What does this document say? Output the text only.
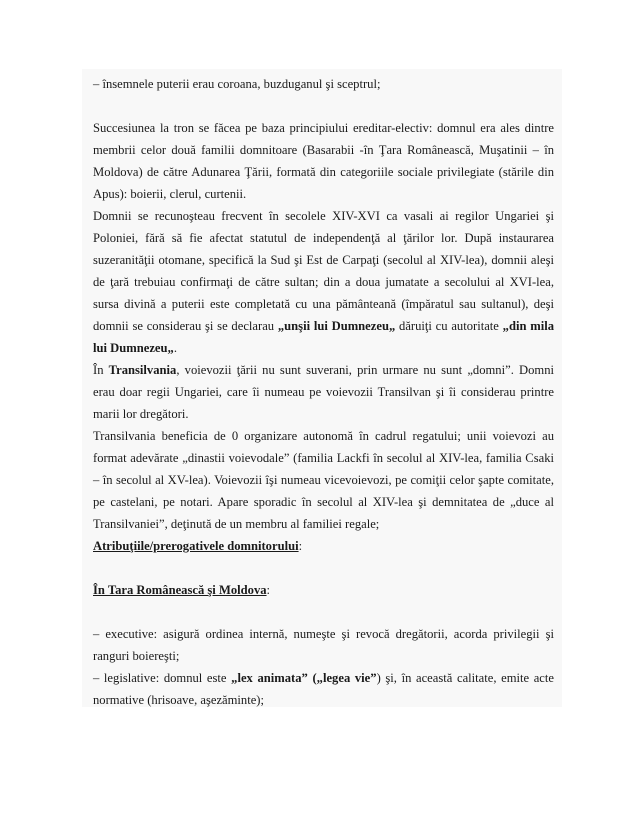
– însemnele puterii erau coroana, buzduganul şi sceptrul;

Succesiunea la tron se făcea pe baza principiului ereditar-electiv: domnul era ales dintre membrii celor două familii domnitoare (Basarabii -în Ţara Românească, Muşatinii – în Moldova) de către Adunarea Ţării, formată din categoriile sociale privilegiate (stările din Apus): boierii, clerul, curtenii.

Domnii se recunoşteau frecvent în secolele XIV-XVI ca vasali ai regilor Ungariei şi Poloniei, fără să fie afectat statutul de independenţă al ţărilor lor. După instaurarea suzeranităţii otomane, specifică la Sud şi Est de Carpaţi (secolul al XIV-lea), domnii aleşi de ţară trebuiau confirmaţi de către sultan; din a doua jumatate a secolului al XVI-lea, sursa divină a puterii este completată cu una pământeană (împăratul sau sultanul), deşi domnii se considerau şi se declarau „unşii lui Dumnezeu„ dăruiţi cu autoritate „din mila lui Dumnezeu„.

În Transilvania, voievozii ţării nu sunt suverani, prin urmare nu sunt „domni”. Domni erau doar regii Ungariei, care îi numeau pe voievozii Transilvan şi îi considerau printre marii lor dregători.

Transilvania beneficia de 0 organizare autonomă în cadrul regatului; unii voievozi au format adevărate „dinastii voievodale” (familia Lackfi în secolul al XIV-lea, familia Csaki – în secolul al XV-lea). Voievozii îşi numeau vicevoievozi, pe comiţii celor şapte comitate, pe castelani, pe notari. Apare sporadic în secolul al XIV-lea şi demnitatea de „duce al Transilvaniei”, deţinută de un membru al familiei regale;

Atribuţiile/prerogativele domnitorului:

În Tara Românească şi Moldova:

– executive: asigură ordinea internă, numeşte şi revocă dregătorii, acorda privilegii şi ranguri boiereşti;

– legislative: domnul este „lex animata” („legea vie”) şi, în această calitate, emite acte normative (hrisoave, aşezăminte);
